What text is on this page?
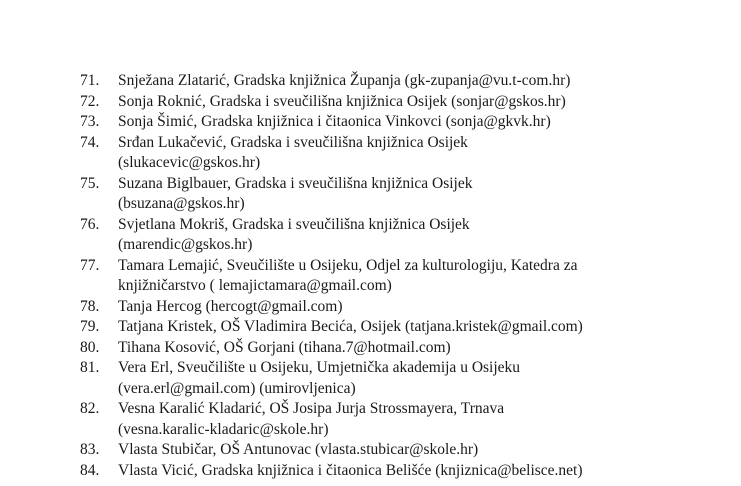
71.	Snježana Zlatarić, Gradska knjižnica Županja (gk-zupanja@vu.t-com.hr)
72.	Sonja Roknić, Gradska i sveučilišna knjižnica Osijek (sonjar@gskos.hr)
73.	Sonja Šimić, Gradska knjižnica i čitaonica Vinkovci (sonja@gkvk.hr)
74.	Srđan Lukačević, Gradska i sveučilišna knjižnica Osijek
(slukacevic@gskos.hr)
75.	Suzana Biglbauer, Gradska i sveučilišna knjižnica Osijek
(bsuzana@gskos.hr)
76.	Svjetlana Mokriš, Gradska i sveučilišna knjižnica Osijek
(marendic@gskos.hr)
77.	Tamara Lemajić, Sveučilište u Osijeku, Odjel za kulturologiju, Katedra za
knjižničarstvo ( lemajictamara@gmail.com)
78.	Tanja Hercog (hercogt@gmail.com)
79.	Tatjana Kristek, OŠ Vladimira Becića, Osijek (tatjana.kristek@gmail.com)
80.	Tihana Kosović, OŠ Gorjani (tihana.7@hotmail.com)
81.	Vera Erl, Sveučilište u Osijeku, Umjetnička akademija u Osijeku
(vera.erl@gmail.com) (umirovljenica)
82.	Vesna Karalić Kladarić, OŠ Josipa Jurja Strossmayera, Trnava
(vesna.karalic-kladaric@skole.hr)
83.	Vlasta Stubičar, OŠ Antunovac (vlasta.stubicar@skole.hr)
84.	Vlasta Vicić, Gradska knjižnica i čitaonica Belišće (knjiznica@belisce.net)
